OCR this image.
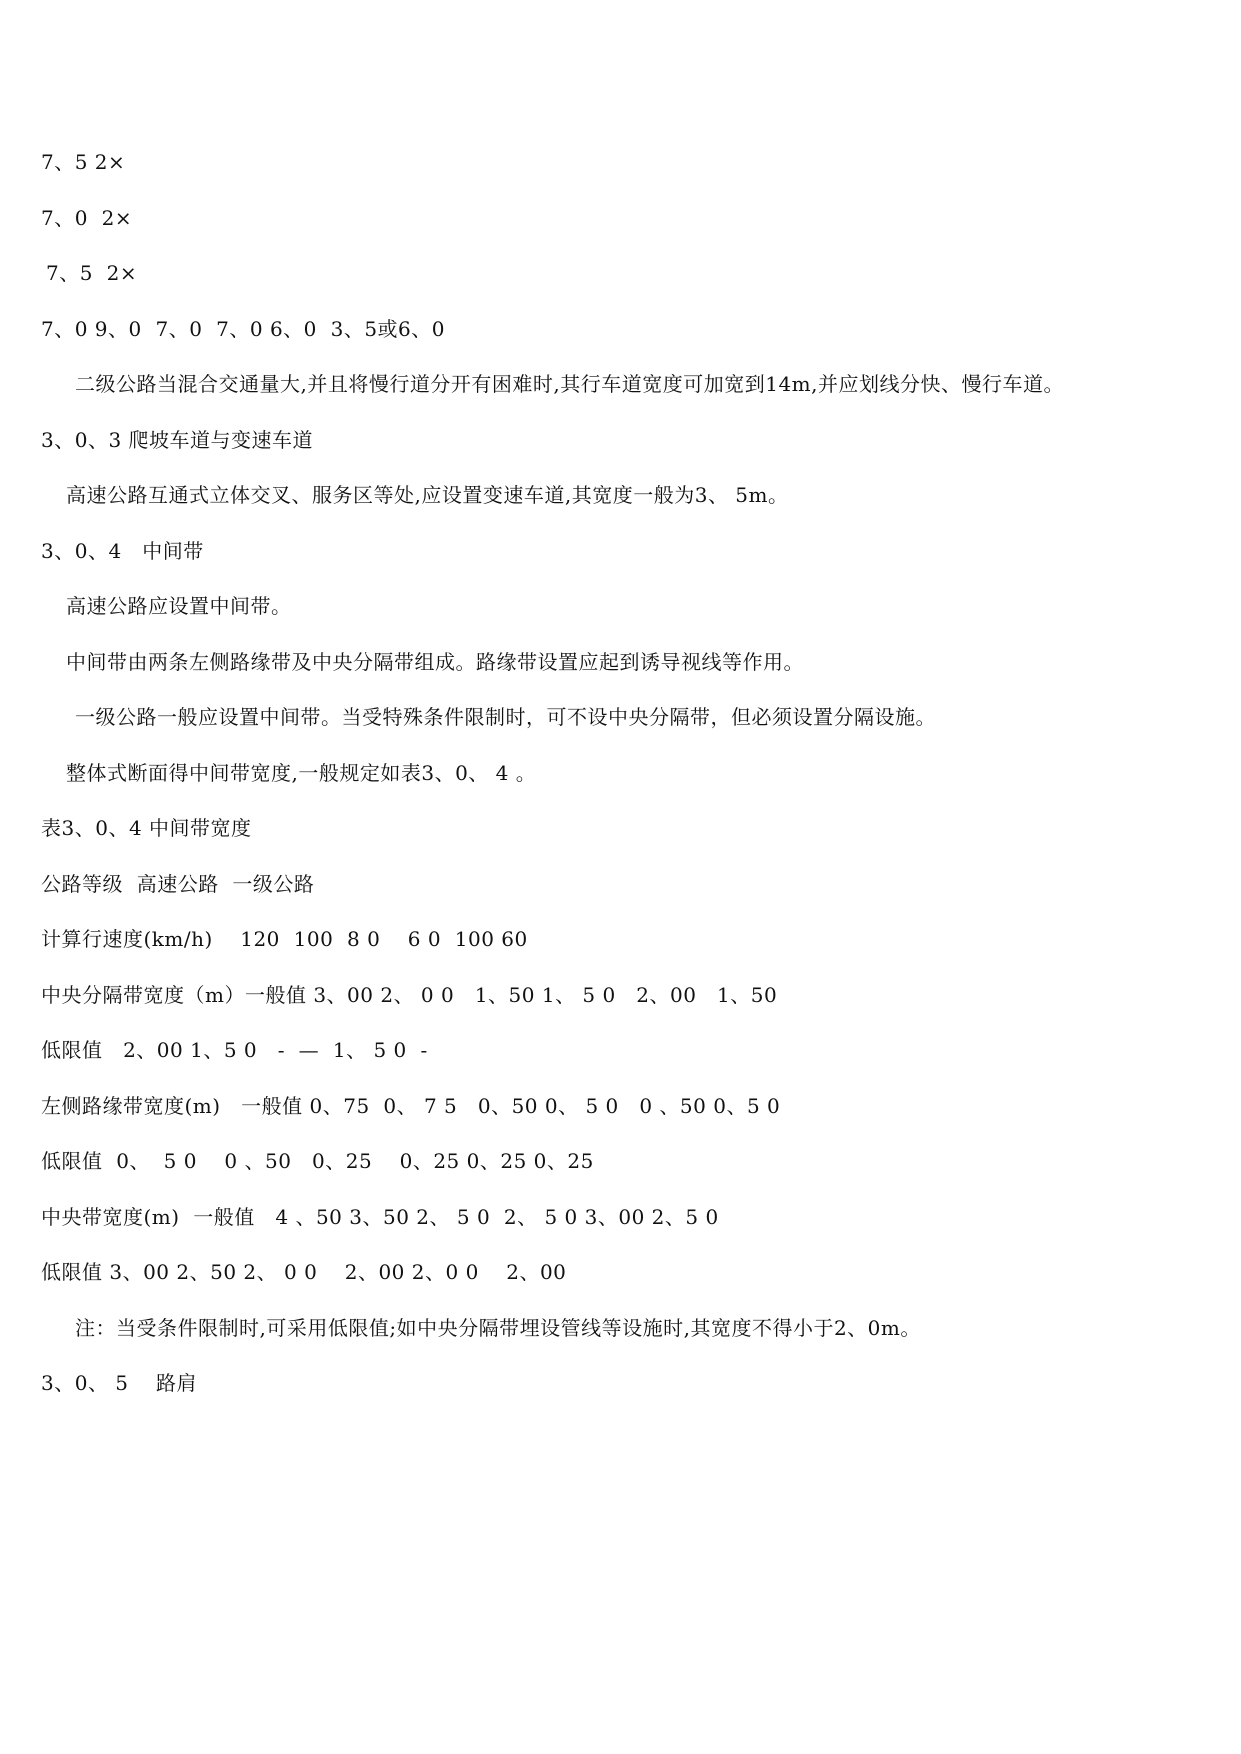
7、5 2×
7、0  2×
7、5  2×
7、0 9、0  7、0  7、0 6、0  3、5或6、0
二级公路当混合交通量大,并且将慢行道分开有困难时,其行车道宽度可加宽到14m,并应划线分快、慢行车道。
3、0、3 爬坡车道与变速车道
高速公路互通式立体交叉、服务区等处,应设置变速车道,其宽度一般为3、 5m。
3、0、4   中间带
高速公路应设置中间带。
中间带由两条左侧路缘带及中央分隔带组成。路缘带设置应起到诱导视线等作用。
一级公路一般应设置中间带。当受特殊条件限制时，可不设中央分隔带，但必须设置分隔设施。
整体式断面得中间带宽度,一般规定如表3、0、 4 。
表3、0、4 中间带宽度
公路等级  高速公路  一级公路
计算行速度(km/h)    120  100  8 0    6 0  100 60
中央分隔带宽度（m）一般值 3、00 2、 0 0   1、50 1、 5 0   2、00   1、50
低限值   2、00 1、5 0   -  —  1、 5 0  -
左侧路缘带宽度(m)   一般值 0、75  0、 7 5   0、50 0、 5 0   0 、50 0、5 0
低限值  0、  5 0    0 、50   0、25    0、25 0、25 0、25
中央带宽度(m)  一般值   4 、50 3、50 2、 5 0  2、 5 0 3、00 2、5 0
低限值 3、00 2、50 2、 0 0    2、00 2、0 0    2、00
注：当受条件限制时,可采用低限值;如中央分隔带埋设管线等设施时,其宽度不得小于2、0m。
3、0、 5    路肩
